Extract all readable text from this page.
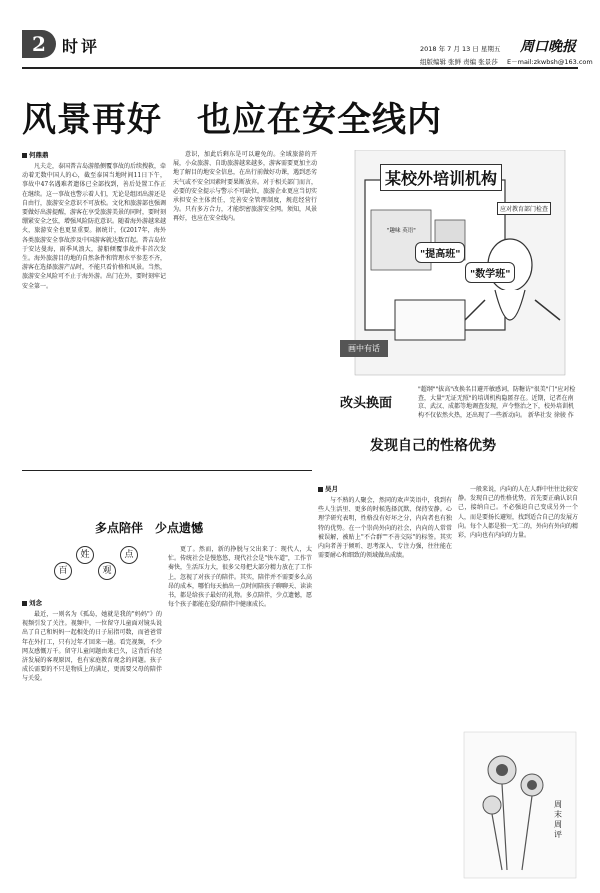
2 时评	2018 年 7 月 13 日 星期五 周口晚报
组版编辑 张鲜 责编 张景莎 E－mail:zkwbsh@163.com
风景再好　也应在安全线内
何鼎鼎
凡夫走，泰国普吉岛游船侧覆事故的后续搜救，牵动着无数中国人的心，截至泰国当地时间11日下午，事故中47名遇难者遗体已全部找到，善后处置工作正在继续。这一事故也警示着人们，无论是组团出游还是自由行，旅游安全意识不可放松。文化和旅游部也强调要做好出游提醒，游客在享受旅游美景的同时，要时刻绷紧安全之弦，增强风险防范意识。随着海外游越来越火，旅游安全也更显重要。据统计，仅2017年，海外各类旅游安全事故涉及中国游客就达数百起。普吉岛位于安达曼海，雨季风浪大，游船倾覆事故并非首次发生。海外旅游目的地的自然条件和管理水平参差不齐，游客在选择旅游产品时，不能只看价格和风景。当然，旅游安全风险可不止于海外游。出门在外，要时刻牢记安全第一。
意识，加此后剩东是可以避免的。全域旅游的开展，小众旅游、自助旅游越来越多，游客需要更加主动地了解目的地安全信息，在出行前做好功课，遇到恶劣天气或不安全因素时要果断放弃。对于相关部门而言，必要的安全提示与警示不可缺位，旅游企业更应当切实承担安全主体责任，完善安全管理制度，规范经营行为。只有多方合力，才能织密旅游安全网。须知，风景再好，也应在安全线内。
某校外培训机构
应对教育部门检查
"提高班"
"数学班"
"趣味 英语"
画中有话
改头换面
"超纲""拔高"改换名目避开敏感词，防糖访"很美"门"应对检查，大量"无证无照"的培训机构隐匿存在。近期，记者在南京、武汉、成都等地调查发现，声令整治之下，校外培训机构不仅依然火热，还出现了一些新动向。 新华社发 徐骏 作
发现自己的性格优势
多点陪伴　少点遗憾
百
姓
观
点
刘念
最近，一则名为《孤岛，她就是我的"妈妈"》的视频引发了关注。视频中，一位留守儿童面对镜头说出了自己和妈妈一起相处的日子屈指可数，而爸爸常年在外打工，只有过年才回来一趟。看完视频，不少网友感慨万千。留守儿童问题由来已久，这背后有经济发展的客观原因，也有家庭教育观念的问题。孩子成长需要的不只是物质上的满足，更需要父母的陪伴与关爱。
更了。然而，新的挣脱与父出来了：现代人，太忙。传统社会是慢悠悠，现代社会是"快车道"，工作节奏快，生活压力大，很多父母把大部分精力放在了工作上，忽视了对孩子的陪伴。其实，陪伴并不需要多么高昂的成本，哪怕每天抽出一点时间陪孩子聊聊天、读读书，都是给孩子最好的礼物。多点陪伴，少点遗憾，愿每个孩子都能在爱的陪伴中健康成长。
吴月
与不熟的人聚会，然同的欢声笑语中，我到有些人生活里、更多的时候选择沉默、保持安静。心理学研究表明，性格没有好坏之分，内向者也有独特的优势。在一个崇尚外向的社会，内向的人常常被误解，被贴上"不合群""不善交际"的标签。其实内向者善于倾听、思考深入、专注力强，往往能在需要耐心和细致的领域做出成绩。
一般来说，内向的人在人群中往往比较安静。发现自己的性格优势，首先要正确认识自己，接纳自己。不必强迫自己变成另外一个人，而是要扬长避短，找到适合自己的发展方向。每个人都是独一无二的，外向有外向的精彩，内向也有内向的力量。
周末周评
